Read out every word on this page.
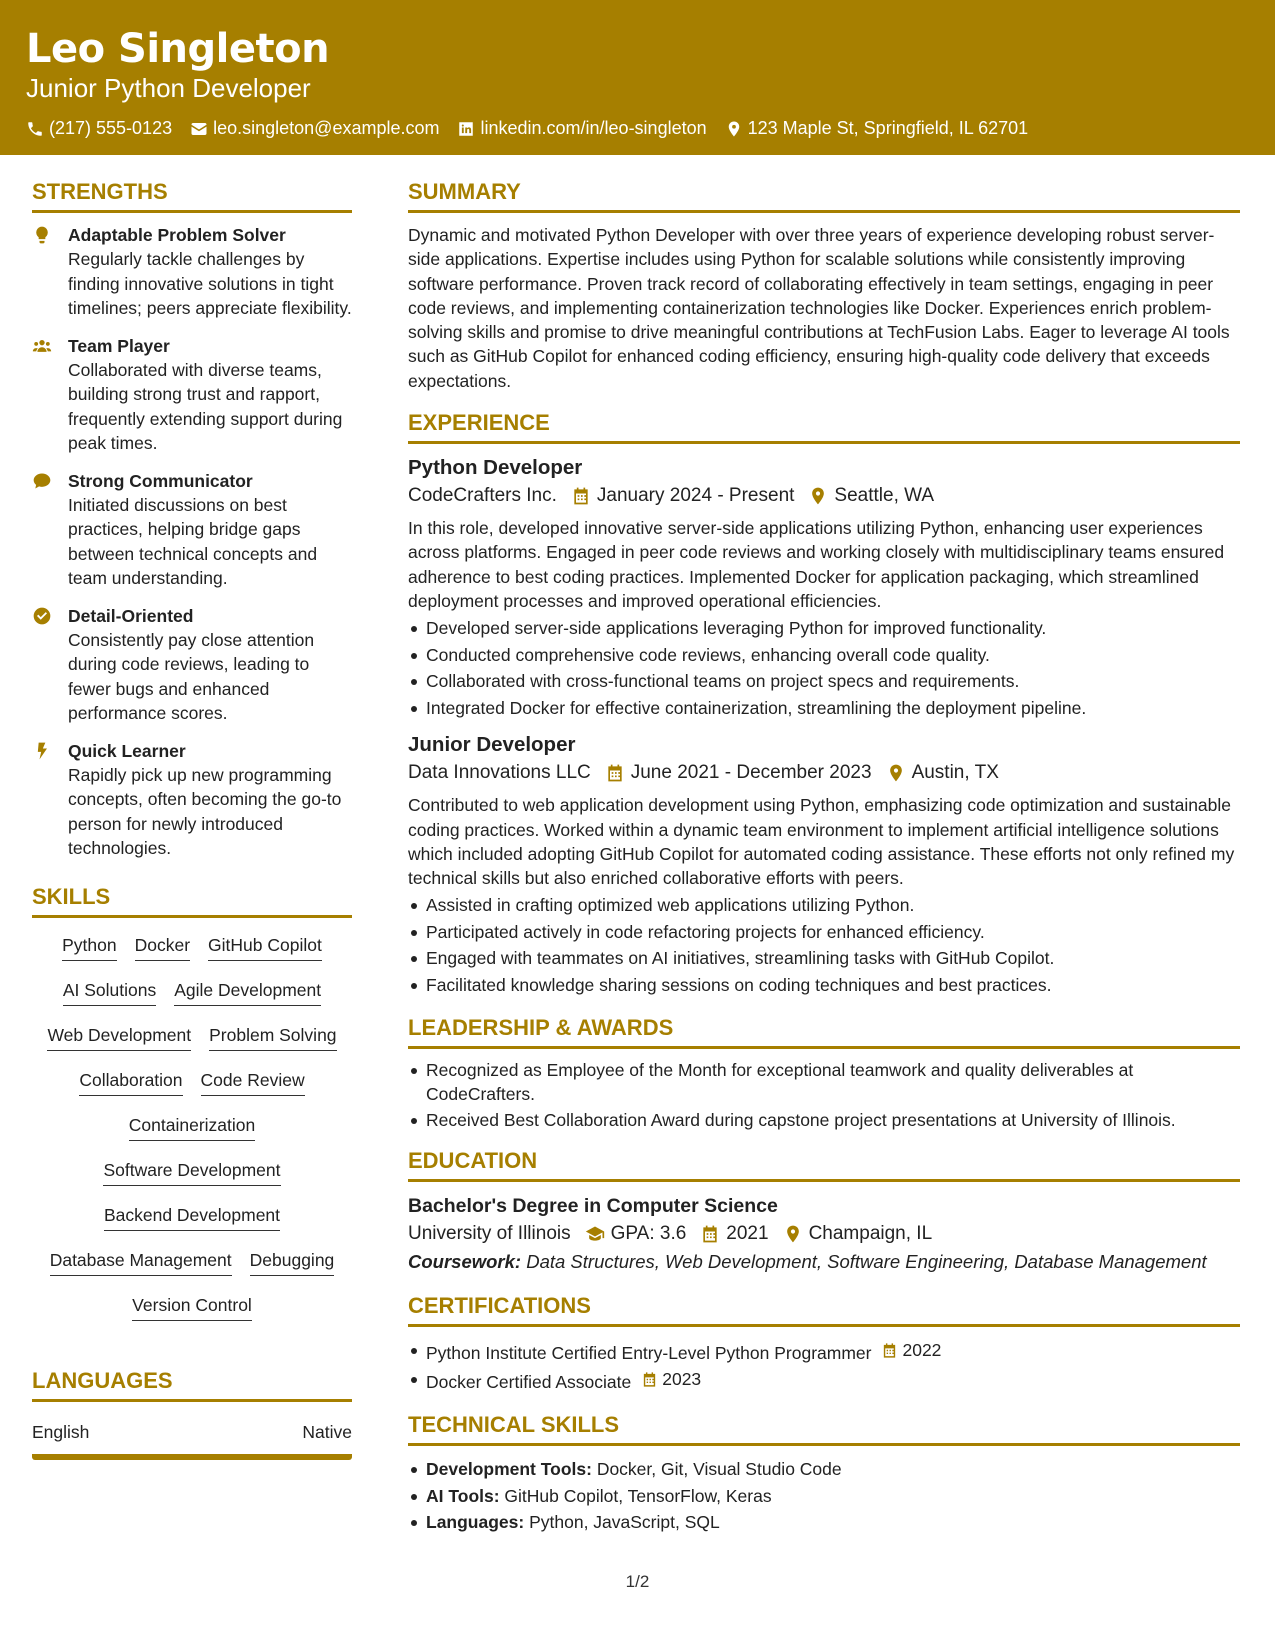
Leo Singleton
Junior Python Developer
(217) 555-0123 leo.singleton@example.com linkedin.com/in/leo-singleton 123 Maple St, Springfield, IL 62701
STRENGTHS
Adaptable Problem Solver
Regularly tackle challenges by finding innovative solutions in tight timelines; peers appreciate flexibility.
Team Player
Collaborated with diverse teams, building strong trust and rapport, frequently extending support during peak times.
Strong Communicator
Initiated discussions on best practices, helping bridge gaps between technical concepts and team understanding.
Detail-Oriented
Consistently pay close attention during code reviews, leading to fewer bugs and enhanced performance scores.
Quick Learner
Rapidly pick up new programming concepts, often becoming the go-to person for newly introduced technologies.
SKILLS
Python Docker GitHub Copilot
AI Solutions Agile Development
Web Development Problem Solving
Collaboration Code Review
Containerization
Software Development
Backend Development
Database Management Debugging
Version Control
LANGUAGES
English	Native
SUMMARY
Dynamic and motivated Python Developer with over three years of experience developing robust server-side applications. Expertise includes using Python for scalable solutions while consistently improving software performance. Proven track record of collaborating effectively in team settings, engaging in peer code reviews, and implementing containerization technologies like Docker. Experiences enrich problem-solving skills and promise to drive meaningful contributions at TechFusion Labs. Eager to leverage AI tools such as GitHub Copilot for enhanced coding efficiency, ensuring high-quality code delivery that exceeds expectations.
EXPERIENCE
Python Developer
CodeCrafters Inc. January 2024 - Present Seattle, WA
In this role, developed innovative server-side applications utilizing Python, enhancing user experiences across platforms. Engaged in peer code reviews and working closely with multidisciplinary teams ensured adherence to best coding practices. Implemented Docker for application packaging, which streamlined deployment processes and improved operational efficiencies.
Developed server-side applications leveraging Python for improved functionality.
Conducted comprehensive code reviews, enhancing overall code quality.
Collaborated with cross-functional teams on project specs and requirements.
Integrated Docker for effective containerization, streamlining the deployment pipeline.
Junior Developer
Data Innovations LLC June 2021 - December 2023 Austin, TX
Contributed to web application development using Python, emphasizing code optimization and sustainable coding practices. Worked within a dynamic team environment to implement artificial intelligence solutions which included adopting GitHub Copilot for automated coding assistance. These efforts not only refined my technical skills but also enriched collaborative efforts with peers.
Assisted in crafting optimized web applications utilizing Python.
Participated actively in code refactoring projects for enhanced efficiency.
Engaged with teammates on AI initiatives, streamlining tasks with GitHub Copilot.
Facilitated knowledge sharing sessions on coding techniques and best practices.
LEADERSHIP & AWARDS
Recognized as Employee of the Month for exceptional teamwork and quality deliverables at CodeCrafters.
Received Best Collaboration Award during capstone project presentations at University of Illinois.
EDUCATION
Bachelor's Degree in Computer Science
University of Illinois GPA: 3.6 2021 Champaign, IL
Coursework: Data Structures, Web Development, Software Engineering, Database Management
CERTIFICATIONS
Python Institute Certified Entry-Level Python Programmer 2022
Docker Certified Associate 2023
TECHNICAL SKILLS
Development Tools: Docker, Git, Visual Studio Code
AI Tools: GitHub Copilot, TensorFlow, Keras
Languages: Python, JavaScript, SQL
1/2
